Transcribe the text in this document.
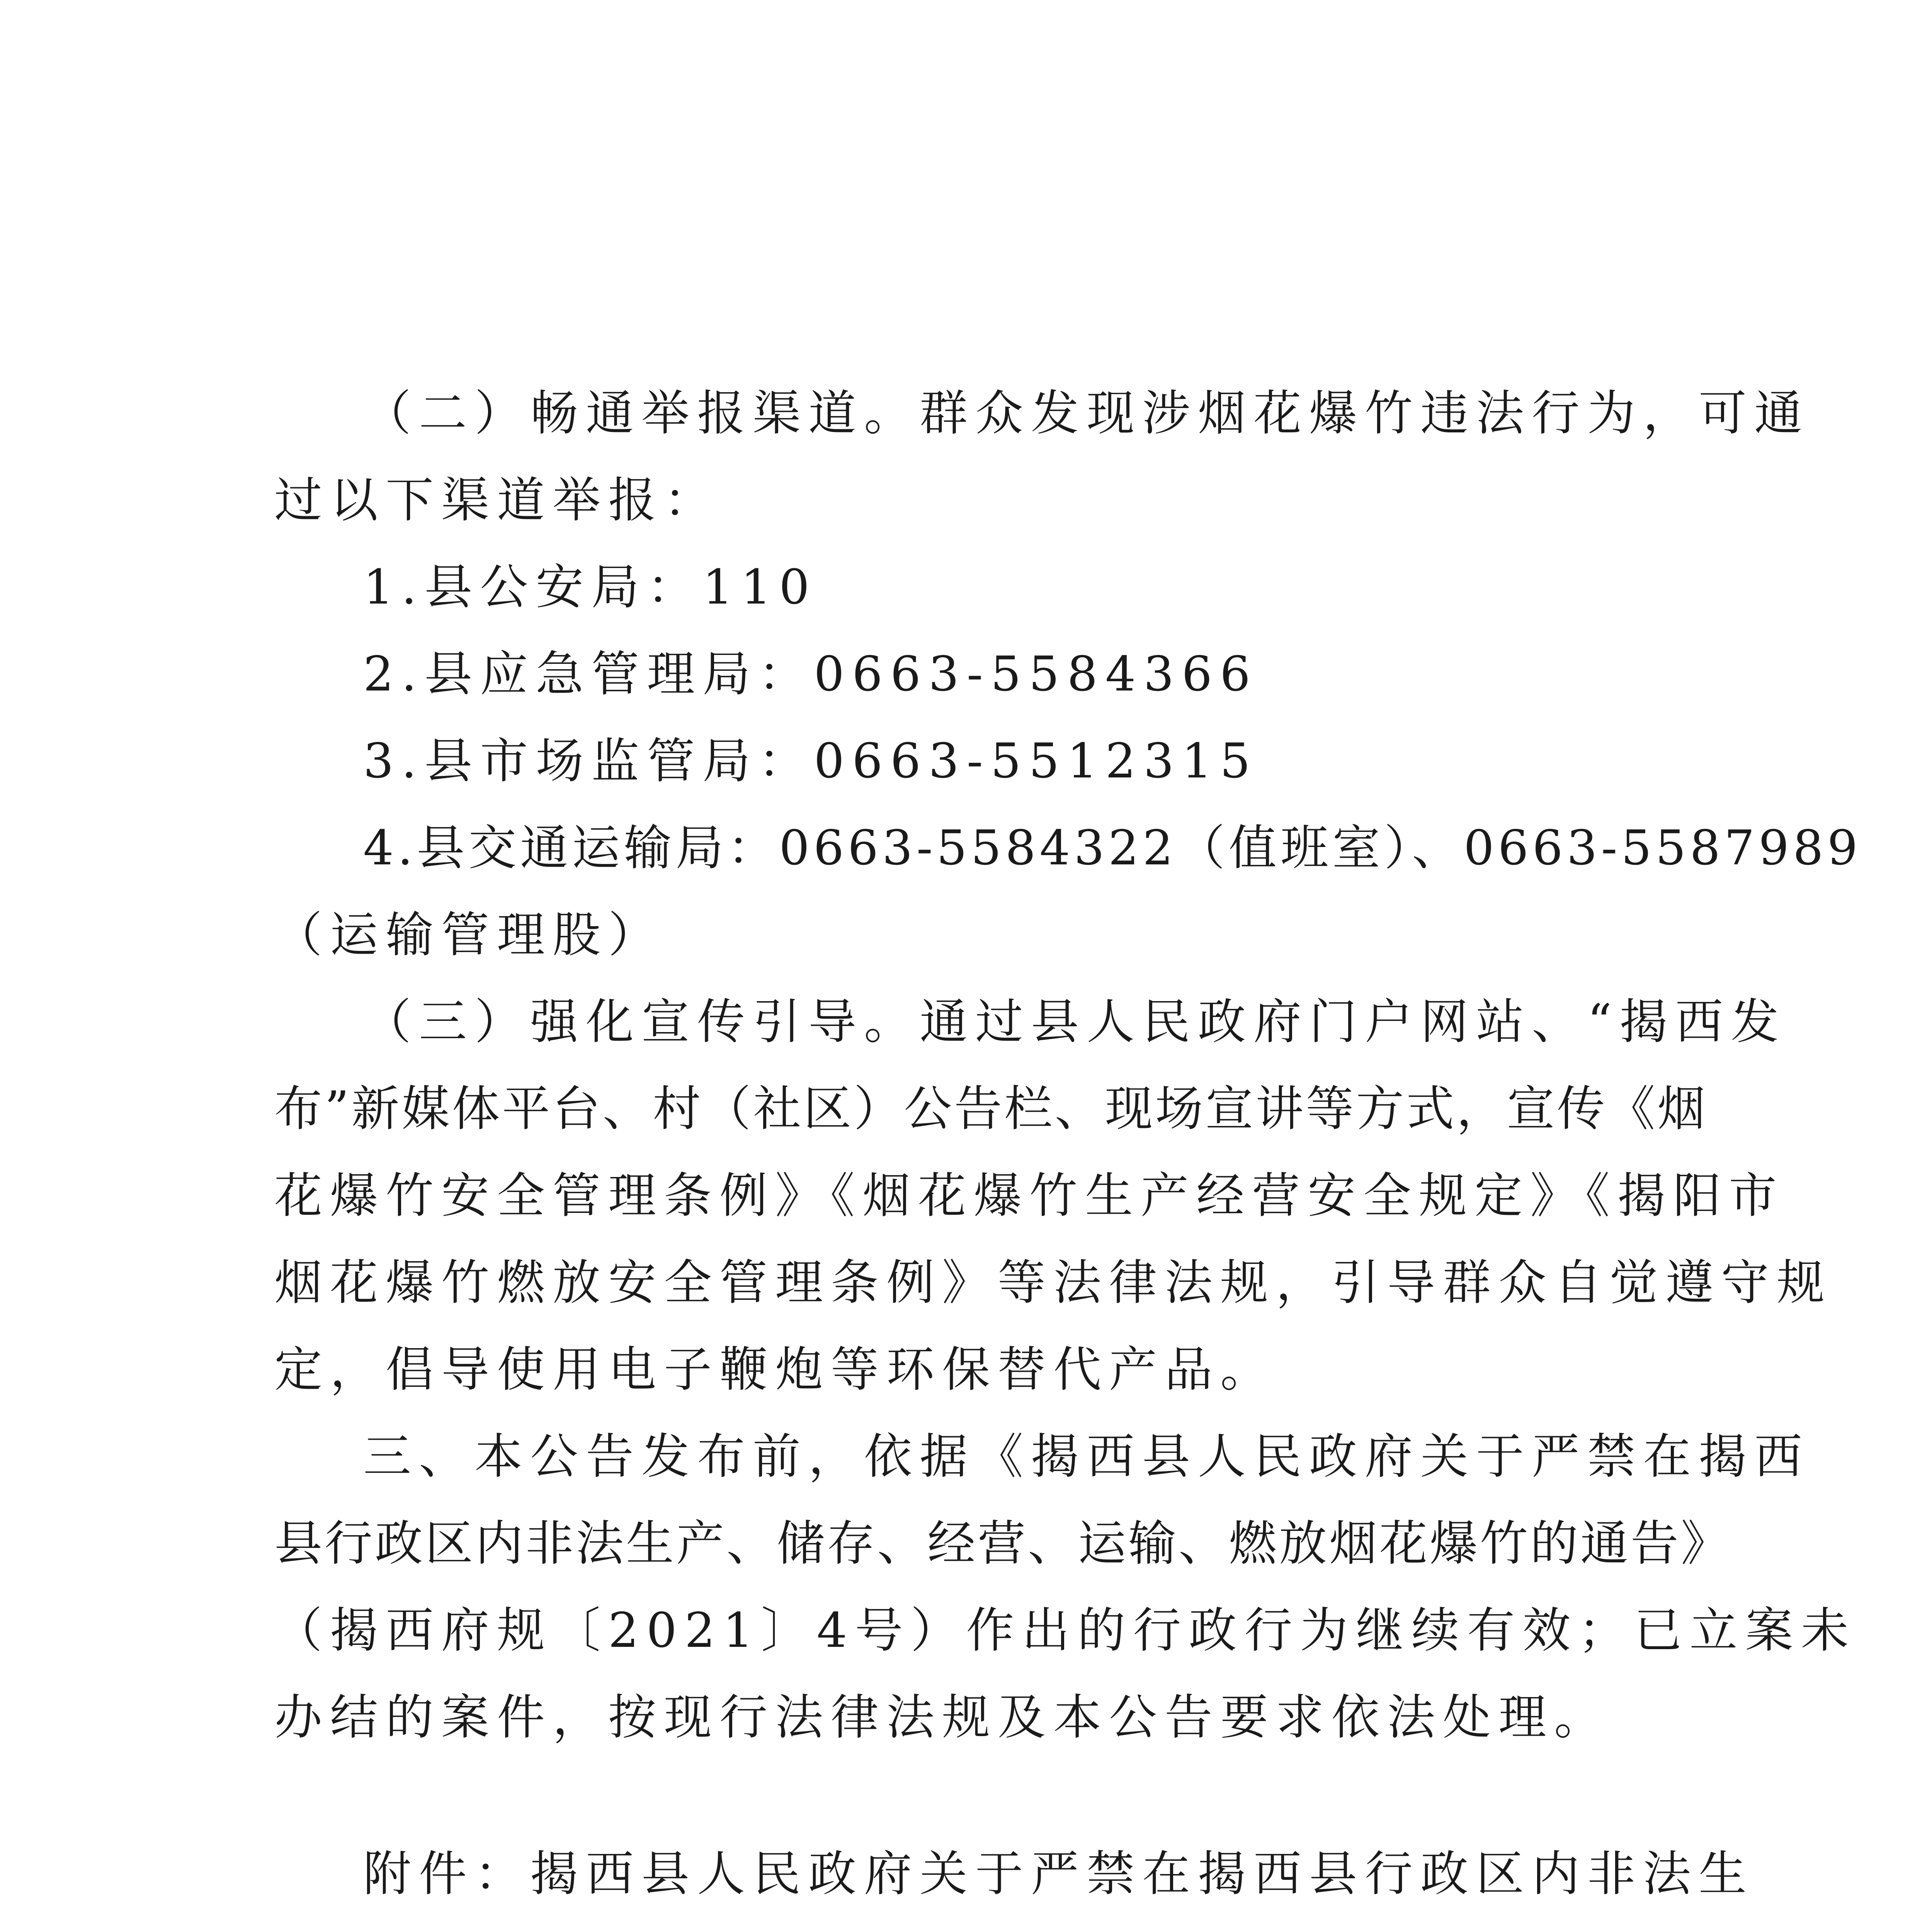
（二）畅通举报渠道。群众发现涉烟花爆竹违法行为，可通
过以下渠道举报：
1.县公安局：110
2.县应急管理局：0663-5584366
3.县市场监管局：0663-5512315
4.县交通运输局：0663-5584322（值班室）、0663-5587989
（运输管理股）
（三）强化宣传引导。通过县人民政府门户网站、“揭西发
布”新媒体平台、村（社区）公告栏、现场宣讲等方式，宣传《烟
花爆竹安全管理条例》《烟花爆竹生产经营安全规定》《揭阳市
烟花爆竹燃放安全管理条例》等法律法规，引导群众自觉遵守规
定，倡导使用电子鞭炮等环保替代产品。
三、本公告发布前，依据《揭西县人民政府关于严禁在揭西
县行政区内非法生产、储存、经营、运输、燃放烟花爆竹的通告》
（揭西府规〔2021〕4号）作出的行政行为继续有效；已立案未
办结的案件，按现行法律法规及本公告要求依法处理。
附件：揭西县人民政府关于严禁在揭西县行政区内非法生
